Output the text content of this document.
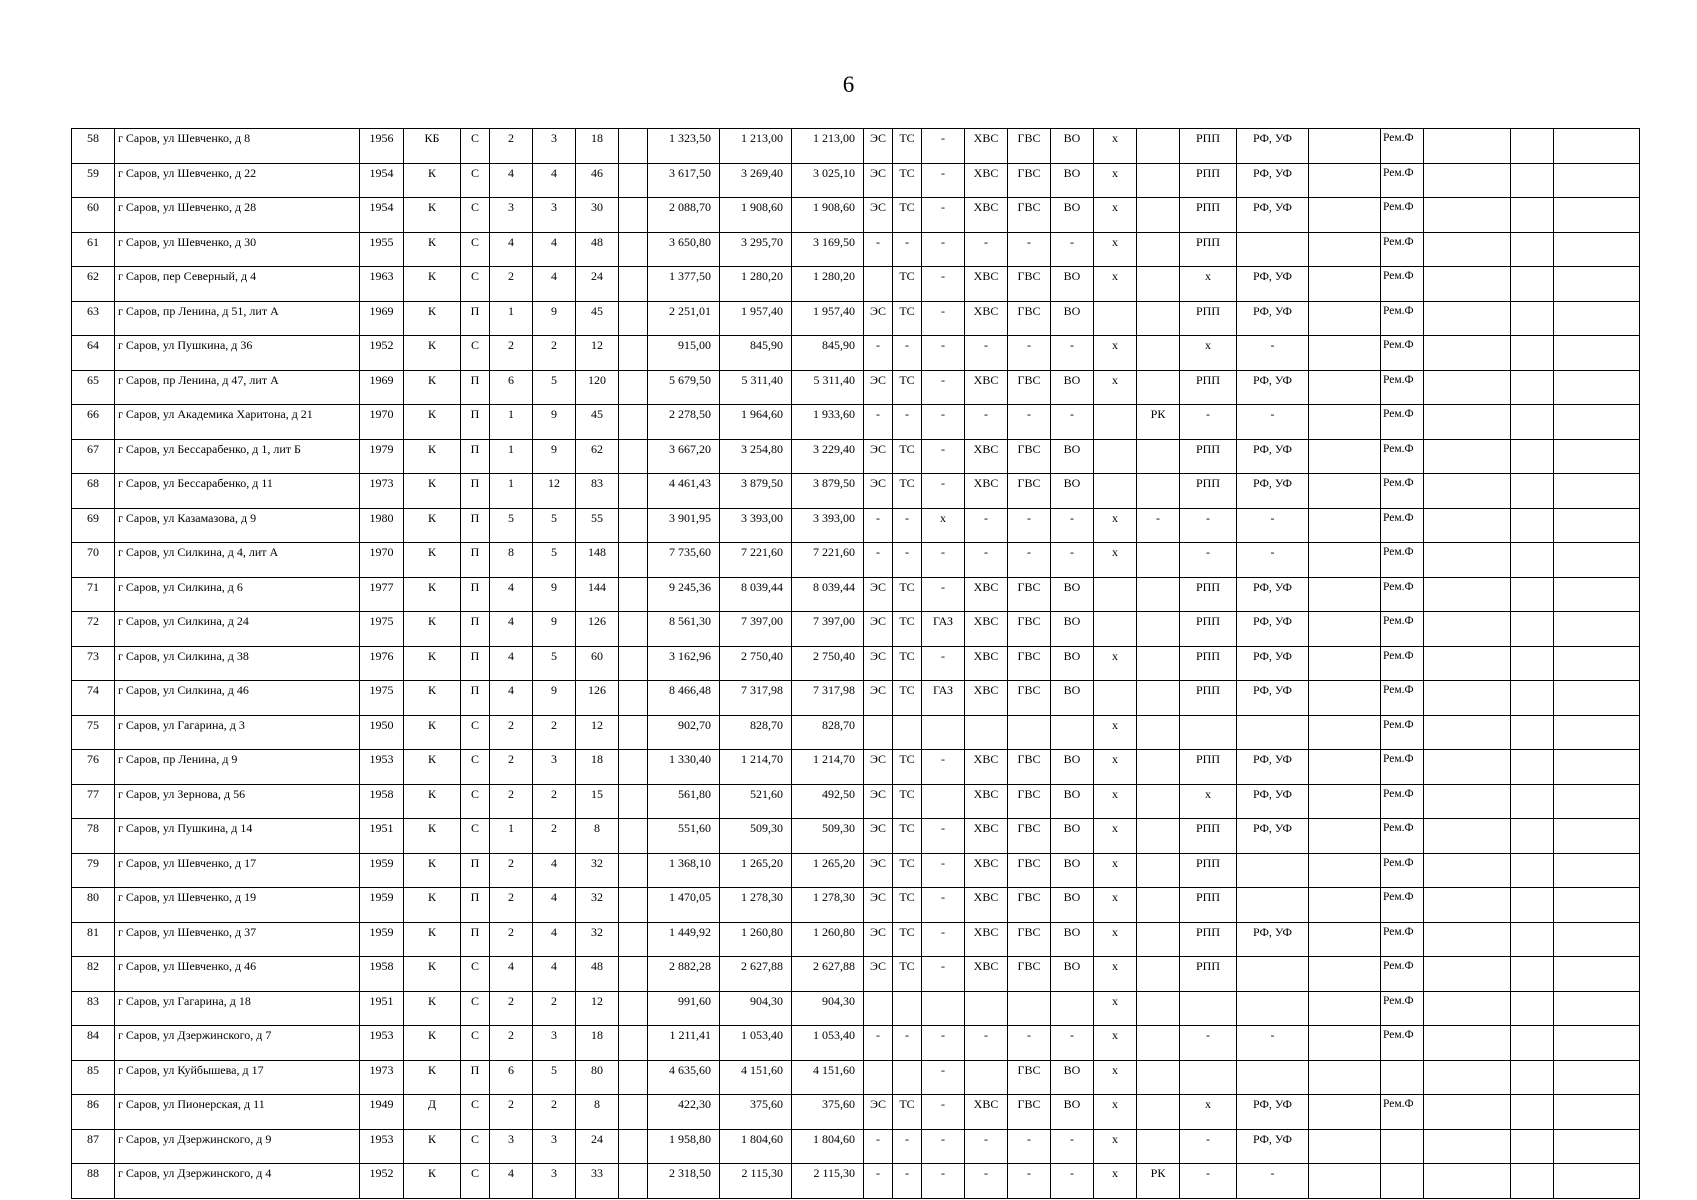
6
58	г Саров, ул Шевченко, д 8	1956	КБ	С	2	3	18		1 323,50	1 213,00	1 213,00	ЭС	ТС	-	ХВС	ГВС	ВО	х		РПП	РФ, УФ		Рем.Ф			
59	г Саров, ул Шевченко, д 22	1954	К	С	4	4	46		3 617,50	3 269,40	3 025,10	ЭС	ТС	-	ХВС	ГВС	ВО	х		РПП	РФ, УФ		Рем.Ф			
60	г Саров, ул Шевченко, д 28	1954	К	С	3	3	30		2 088,70	1 908,60	1 908,60	ЭС	ТС	-	ХВС	ГВС	ВО	х		РПП	РФ, УФ		Рем.Ф			
61	г Саров, ул Шевченко, д 30	1955	К	С	4	4	48		3 650,80	3 295,70	3 169,50	-	-	-	-	-	-	х		РПП			Рем.Ф			
62	г Саров, пер Северный, д 4	1963	К	С	2	4	24		1 377,50	1 280,20	1 280,20		ТС	-	ХВС	ГВС	ВО	х		х	РФ, УФ		Рем.Ф			
63	г Саров, пр Ленина, д 51, лит А	1969	К	П	1	9	45		2 251,01	1 957,40	1 957,40	ЭС	ТС	-	ХВС	ГВС	ВО			РПП	РФ, УФ		Рем.Ф			
64	г Саров, ул Пушкина, д 36	1952	К	С	2	2	12		915,00	845,90	845,90	-	-	-	-	-	-	х		х	-		Рем.Ф			
65	г Саров, пр Ленина, д 47, лит А	1969	К	П	6	5	120		5 679,50	5 311,40	5 311,40	ЭС	ТС	-	ХВС	ГВС	ВО	х		РПП	РФ, УФ		Рем.Ф			
66	г Саров, ул Академика Харитона, д 21	1970	К	П	1	9	45		2 278,50	1 964,60	1 933,60	-	-	-	-	-	-		РК	-	-		Рем.Ф			
67	г Саров, ул Бессарабенко, д 1, лит Б	1979	К	П	1	9	62		3 667,20	3 254,80	3 229,40	ЭС	ТС	-	ХВС	ГВС	ВО			РПП	РФ, УФ		Рем.Ф			
68	г Саров, ул Бессарабенко, д 11	1973	К	П	1	12	83		4 461,43	3 879,50	3 879,50	ЭС	ТС	-	ХВС	ГВС	ВО			РПП	РФ, УФ		Рем.Ф			
69	г Саров, ул Казамазова, д 9	1980	К	П	5	5	55		3 901,95	3 393,00	3 393,00	-	-	х	-	-	-	х	-	-	-		Рем.Ф			
70	г Саров, ул Силкина, д 4, лит А	1970	К	П	8	5	148		7 735,60	7 221,60	7 221,60	-	-	-	-	-	-	х		-	-		Рем.Ф			
71	г Саров, ул Силкина, д 6	1977	К	П	4	9	144		9 245,36	8 039,44	8 039,44	ЭС	ТС	-	ХВС	ГВС	ВО			РПП	РФ, УФ		Рем.Ф			
72	г Саров, ул Силкина, д 24	1975	К	П	4	9	126		8 561,30	7 397,00	7 397,00	ЭС	ТС	ГАЗ	ХВС	ГВС	ВО			РПП	РФ, УФ		Рем.Ф			
73	г Саров, ул Силкина, д 38	1976	К	П	4	5	60		3 162,96	2 750,40	2 750,40	ЭС	ТС	-	ХВС	ГВС	ВО	х		РПП	РФ, УФ		Рем.Ф			
74	г Саров, ул Силкина, д 46	1975	К	П	4	9	126		8 466,48	7 317,98	7 317,98	ЭС	ТС	ГАЗ	ХВС	ГВС	ВО			РПП	РФ, УФ		Рем.Ф			
75	г Саров, ул Гагарина, д 3	1950	К	С	2	2	12		902,70	828,70	828,70							х					Рем.Ф			
76	г Саров, пр Ленина, д 9	1953	К	С	2	3	18		1 330,40	1 214,70	1 214,70	ЭС	ТС	-	ХВС	ГВС	ВО	х		РПП	РФ, УФ		Рем.Ф			
77	г Саров, ул Зернова, д 56	1958	К	С	2	2	15		561,80	521,60	492,50	ЭС	ТС		ХВС	ГВС	ВО	х		х	РФ, УФ		Рем.Ф			
78	г Саров, ул Пушкина, д 14	1951	К	С	1	2	8		551,60	509,30	509,30	ЭС	ТС	-	ХВС	ГВС	ВО	х		РПП	РФ, УФ		Рем.Ф			
79	г Саров, ул Шевченко, д 17	1959	К	П	2	4	32		1 368,10	1 265,20	1 265,20	ЭС	ТС	-	ХВС	ГВС	ВО	х		РПП			Рем.Ф			
80	г Саров, ул Шевченко, д 19	1959	К	П	2	4	32		1 470,05	1 278,30	1 278,30	ЭС	ТС	-	ХВС	ГВС	ВО	х		РПП			Рем.Ф			
81	г Саров, ул Шевченко, д 37	1959	К	П	2	4	32		1 449,92	1 260,80	1 260,80	ЭС	ТС	-	ХВС	ГВС	ВО	х		РПП	РФ, УФ		Рем.Ф			
82	г Саров, ул Шевченко, д 46	1958	К	С	4	4	48		2 882,28	2 627,88	2 627,88	ЭС	ТС	-	ХВС	ГВС	ВО	х		РПП			Рем.Ф			
83	г Саров, ул Гагарина, д 18	1951	К	С	2	2	12		991,60	904,30	904,30							х					Рем.Ф			
84	г Саров, ул Дзержинского, д 7	1953	К	С	2	3	18		1 211,41	1 053,40	1 053,40	-	-	-	-	-	-	х		-	-		Рем.Ф			
85	г Саров, ул Куйбышева, д 17	1973	К	П	6	5	80		4 635,60	4 151,60	4 151,60			-		ГВС	ВО	х								
86	г Саров, ул Пионерская, д 11	1949	Д	С	2	2	8		422,30	375,60	375,60	ЭС	ТС	-	ХВС	ГВС	ВО	х		х	РФ, УФ		Рем.Ф			
87	г Саров, ул Дзержинского, д 9	1953	К	С	3	3	24		1 958,80	1 804,60	1 804,60	-	-	-	-	-	-	х		-	РФ, УФ					
88	г Саров, ул Дзержинского, д 4	1952	К	С	4	3	33		2 318,50	2 115,30	2 115,30	-	-	-	-	-	-	х	РК	-	-					
